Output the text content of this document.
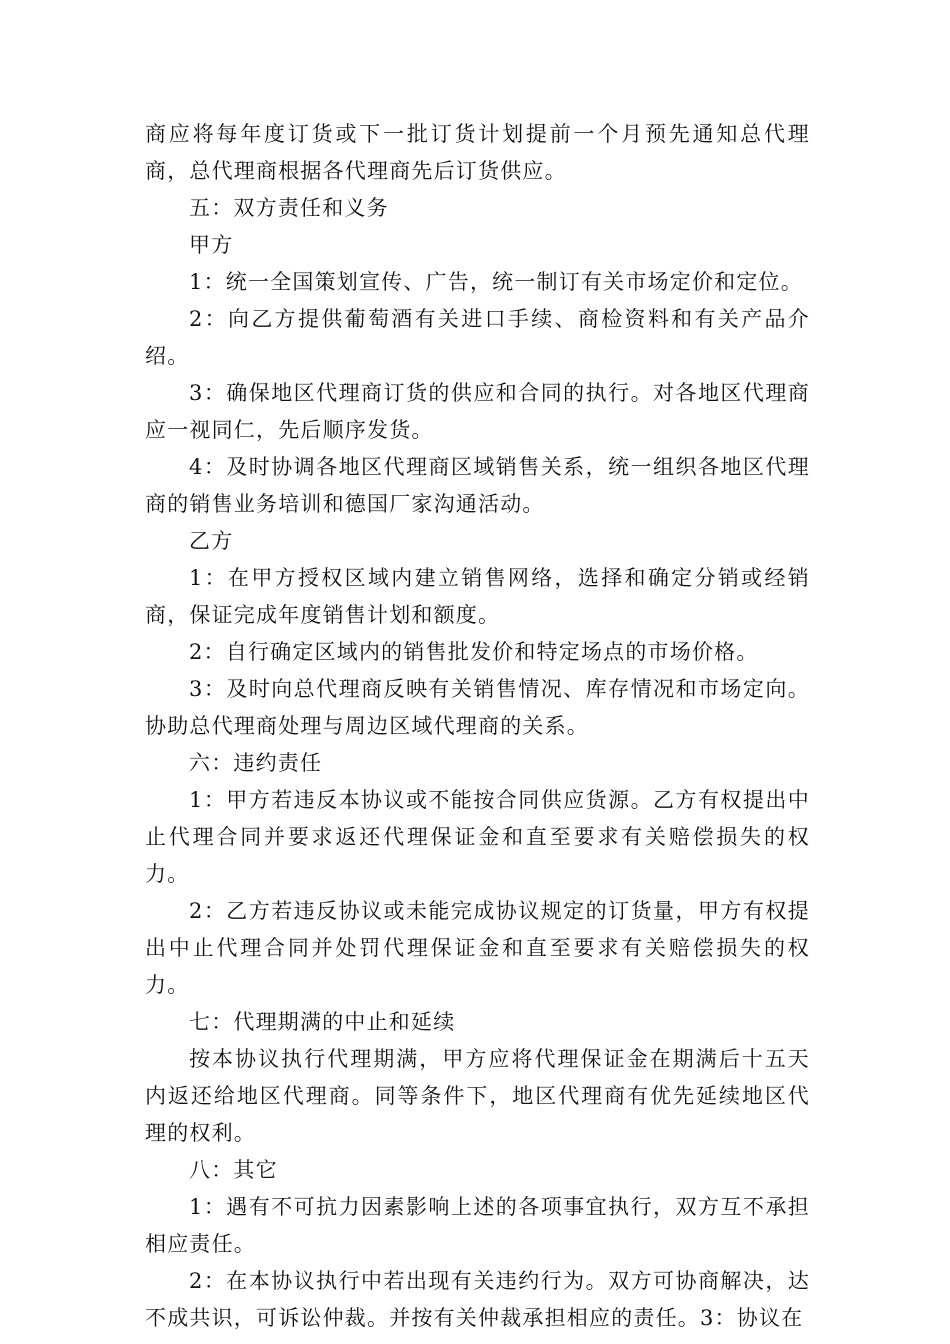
商应将每年度订货或下一批订货计划提前一个月预先通知总代理商，总代理商根据各代理商先后订货供应。

五：双方责任和义务

甲方

1：统一全国策划宣传、广告，统一制订有关市场定价和定位。

2：向乙方提供葡萄酒有关进口手续、商检资料和有关产品介绍。

3：确保地区代理商订货的供应和合同的执行。对各地区代理商应一视同仁，先后顺序发货。

4：及时协调各地区代理商区域销售关系，统一组织各地区代理商的销售业务培训和德国厂家沟通活动。

乙方

1：在甲方授权区域内建立销售网络，选择和确定分销或经销商，保证完成年度销售计划和额度。

2：自行确定区域内的销售批发价和特定场点的市场价格。

3：及时向总代理商反映有关销售情况、库存情况和市场定向。协助总代理商处理与周边区域代理商的关系。

六：违约责任

1：甲方若违反本协议或不能按合同供应货源。乙方有权提出中止代理合同并要求返还代理保证金和直至要求有关赔偿损失的权力。

2：乙方若违反协议或未能完成协议规定的订货量，甲方有权提出中止代理合同并处罚代理保证金和直至要求有关赔偿损失的权力。

七：代理期满的中止和延续

按本协议执行代理期满，甲方应将代理保证金在期满后十五天内返还给地区代理商。同等条件下，地区代理商有优先延续地区代理的权利。

八：其它

1：遇有不可抗力因素影响上述的各项事宜执行，双方互不承担相应责任。

2：在本协议执行中若出现有关违约行为。双方可协商解决，达不成共识，可诉讼仲裁。并按有关仲裁承担相应的责任。3：协议在
